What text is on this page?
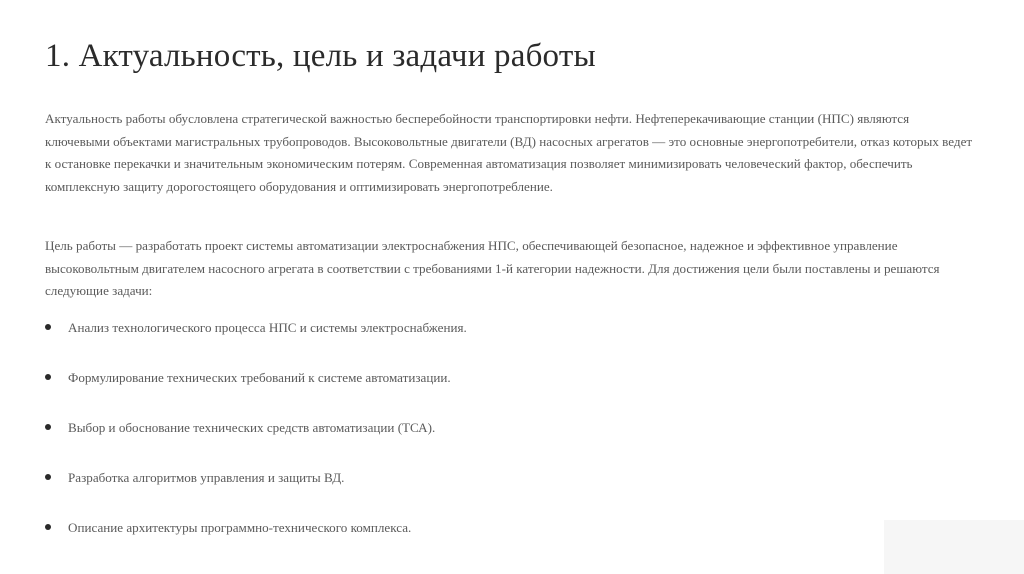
1. Актуальность, цель и задачи работы

Актуальность работы обусловлена стратегической важностью бесперебойности транспортировки нефти. Нефтеперекачивающие станции (НПС) являются ключевыми объектами магистральных трубопроводов. Высоковольтные двигатели (ВД) насосных агрегатов — это основные энергопотребители, отказ которых ведет к остановке перекачки и значительным экономическим потерям. Современная автоматизация позволяет минимизировать человеческий фактор, обеспечить комплексную защиту дорогостоящего оборудования и оптимизировать энергопотребление.

Цель работы — разработать проект системы автоматизации электроснабжения НПС, обеспечивающей безопасное, надежное и эффективное управление высоковольтным двигателем насосного агрегата в соответствии с требованиями 1-й категории надежности. Для достижения цели были поставлены и решаются следующие задачи:

Анализ технологического процесса НПС и системы электроснабжения.
Формулирование технических требований к системе автоматизации.
Выбор и обоснование технических средств автоматизации (ТСА).
Разработка алгоритмов управления и защиты ВД.
Описание архитектуры программно-технического комплекса.
